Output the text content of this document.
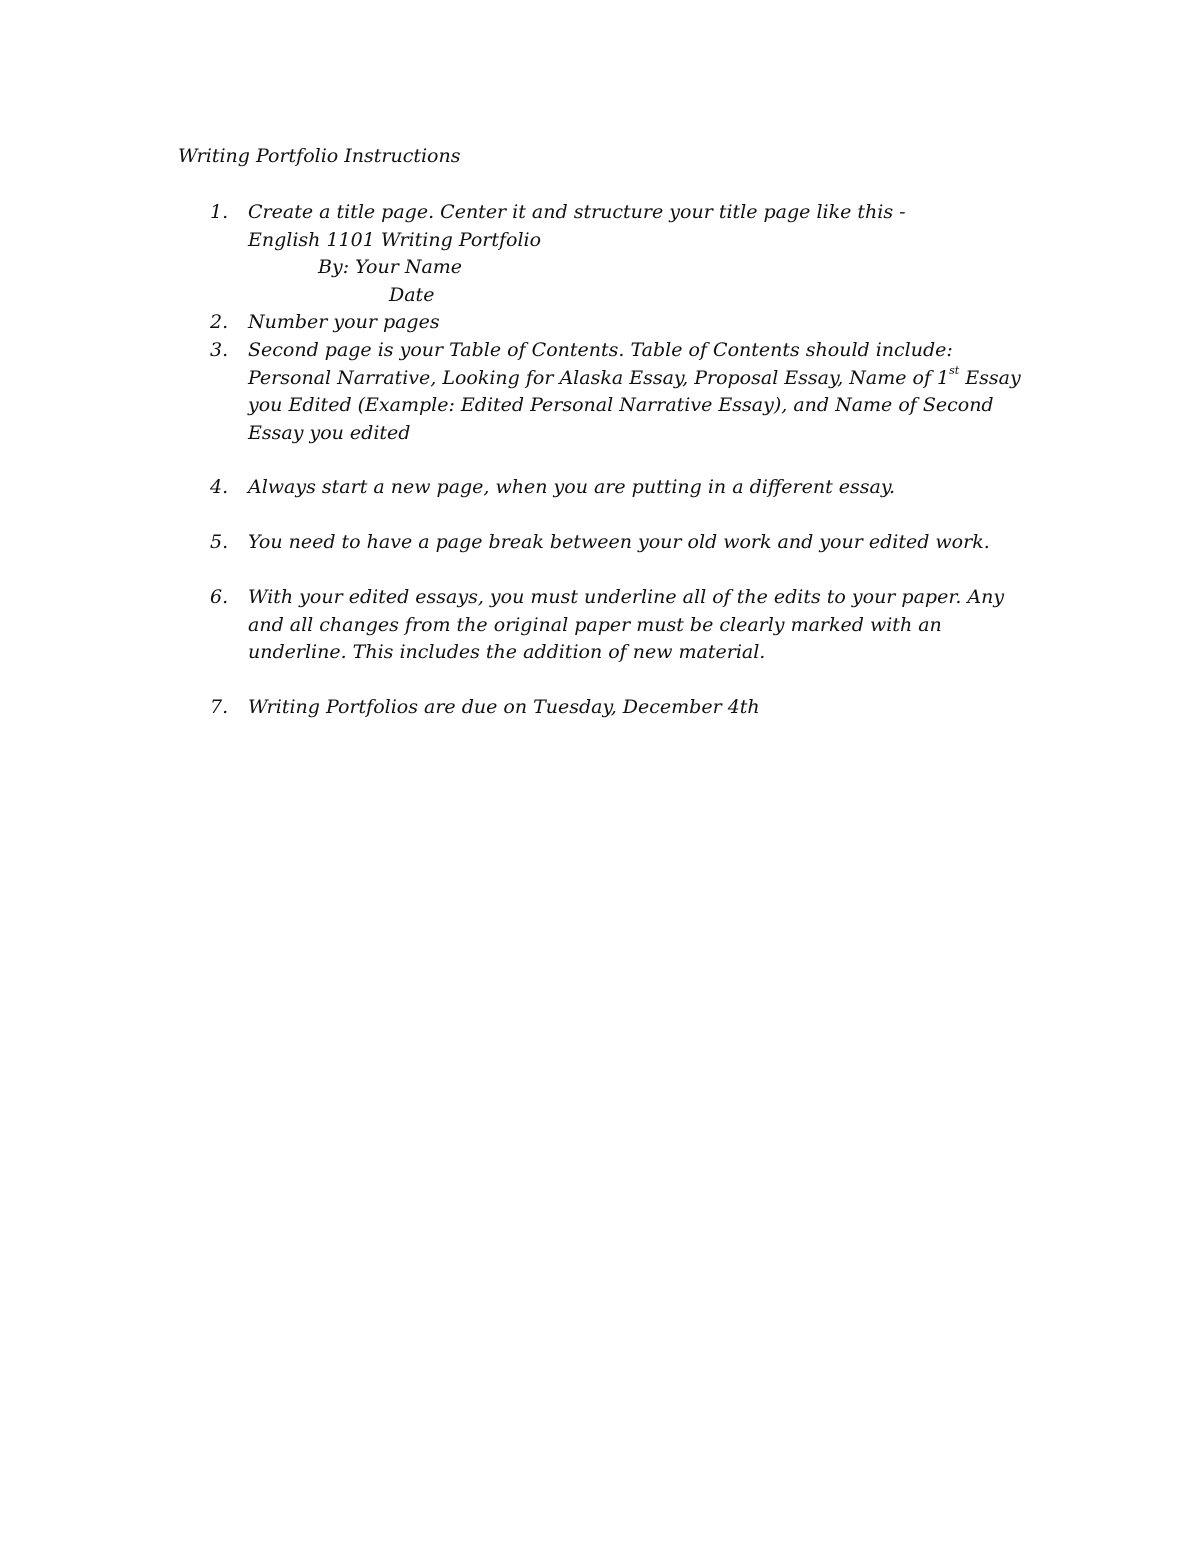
Writing Portfolio Instructions
1.	Create a title page. Center it and structure your title page like this -
English 1101 Writing Portfolio
By: Your Name
Date
2.	Number your pages
3.	Second page is your Table of Contents. Table of Contents should include:
Personal Narrative, Looking for Alaska Essay, Proposal Essay, Name of 1st Essay
you Edited (Example: Edited Personal Narrative Essay), and Name of Second
Essay you edited
4.	Always start a new page, when you are putting in a different essay.
5.	You need to have a page break between your old work and your edited work.
6.	With your edited essays, you must underline all of the edits to your paper. Any
and all changes from the original paper must be clearly marked with an
underline. This includes the addition of new material.
7.	Writing Portfolios are due on Tuesday, December 4th
